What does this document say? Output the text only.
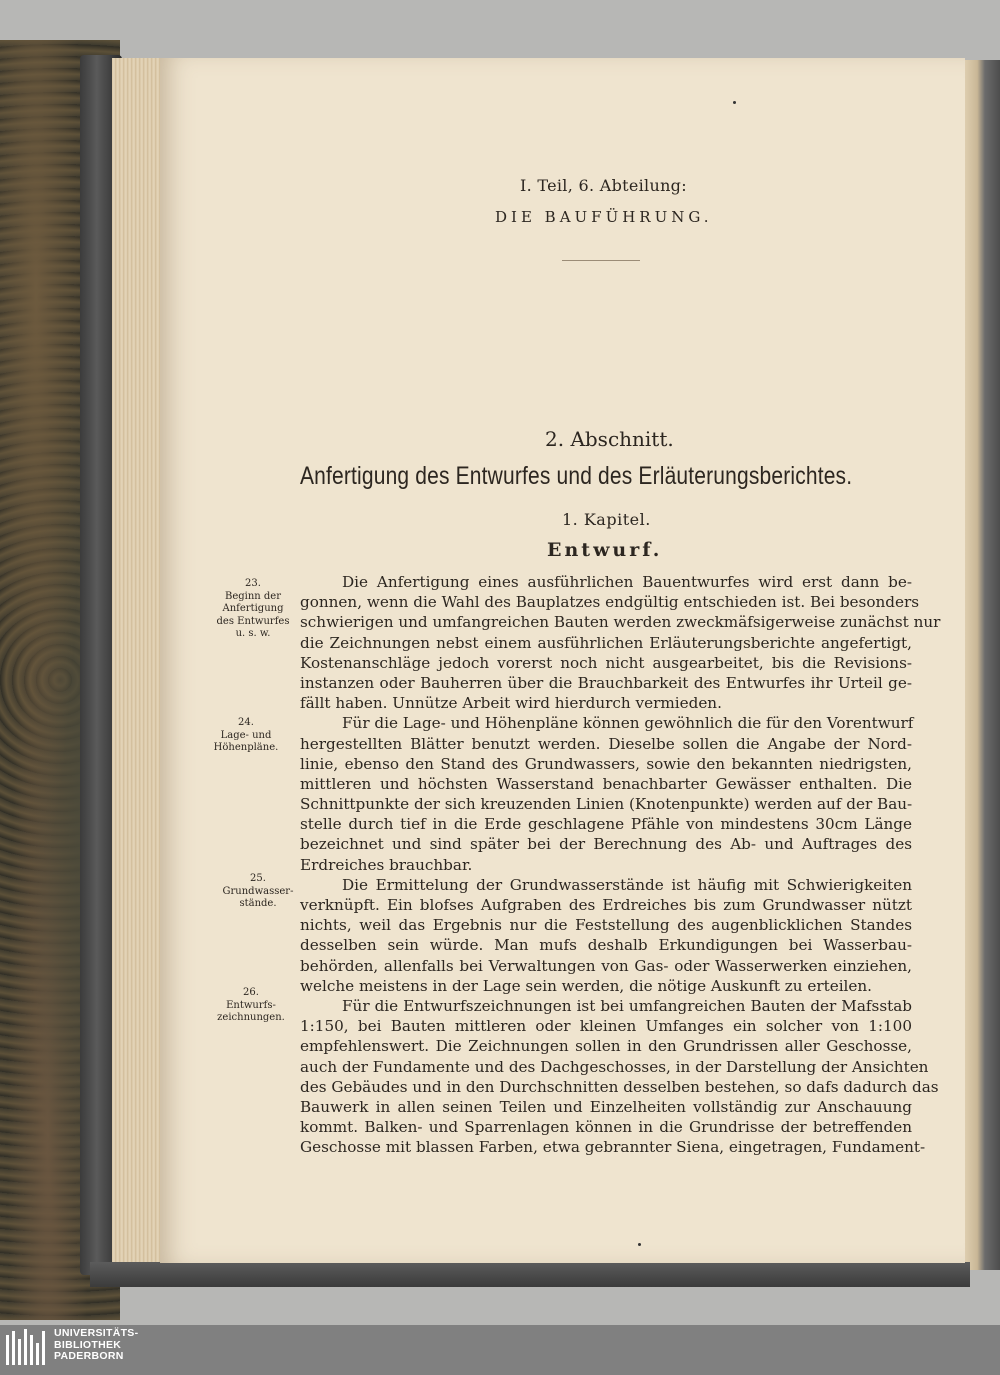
I. Teil, 6. Abteilung:
DIE BAUFÜHRUNG.
2. Abschnitt.
Anfertigung des Entwurfes und des Erläuterungsberichtes.
1. Kapitel.
Entwurf.
23.
Beginn der
Anfertigung
des Entwurfes
u. s. w.
24.
Lage- und
Höhenpläne.
25.
Grundwasser-
stände.
26.
Entwurfs-
zeichnungen.
Die Anfertigung eines ausführlichen Bauentwurfes wird erst dann be-
gonnen, wenn die Wahl des Bauplatzes endgültig entschieden ist. Bei besonders
schwierigen und umfangreichen Bauten werden zweckmäfsigerweise zunächst nur
die Zeichnungen nebst einem ausführlichen Erläuterungsberichte angefertigt,
Kostenanschläge jedoch vorerst noch nicht ausgearbeitet, bis die Revisions-
instanzen oder Bauherren über die Brauchbarkeit des Entwurfes ihr Urteil ge-
fällt haben. Unnütze Arbeit wird hierdurch vermieden.
Für die Lage- und Höhenpläne können gewöhnlich die für den Vorentwurf
hergestellten Blätter benutzt werden. Dieselbe sollen die Angabe der Nord-
linie, ebenso den Stand des Grundwassers, sowie den bekannten niedrigsten,
mittleren und höchsten Wasserstand benachbarter Gewässer enthalten. Die
Schnittpunkte der sich kreuzenden Linien (Knotenpunkte) werden auf der Bau-
stelle durch tief in die Erde geschlagene Pfähle von mindestens 30cm Länge
bezeichnet und sind später bei der Berechnung des Ab- und Auftrages des
Erdreiches brauchbar.
Die Ermittelung der Grundwasserstände ist häufig mit Schwierigkeiten
verknüpft. Ein blofses Aufgraben des Erdreiches bis zum Grundwasser nützt
nichts, weil das Ergebnis nur die Feststellung des augenblicklichen Standes
desselben sein würde. Man mufs deshalb Erkundigungen bei Wasserbau-
behörden, allenfalls bei Verwaltungen von Gas- oder Wasserwerken einziehen,
welche meistens in der Lage sein werden, die nötige Auskunft zu erteilen.
Für die Entwurfszeichnungen ist bei umfangreichen Bauten der Mafsstab
1:150, bei Bauten mittleren oder kleinen Umfanges ein solcher von 1:100
empfehlenswert. Die Zeichnungen sollen in den Grundrissen aller Geschosse,
auch der Fundamente und des Dachgeschosses, in der Darstellung der Ansichten
des Gebäudes und in den Durchschnitten desselben bestehen, so dafs dadurch das
Bauwerk in allen seinen Teilen und Einzelheiten vollständig zur Anschauung
kommt. Balken- und Sparrenlagen können in die Grundrisse der betreffenden
Geschosse mit blassen Farben, etwa gebrannter Siena, eingetragen, Fundament-
UNIVERSITÄTS-
BIBLIOTHEK
PADERBORN
